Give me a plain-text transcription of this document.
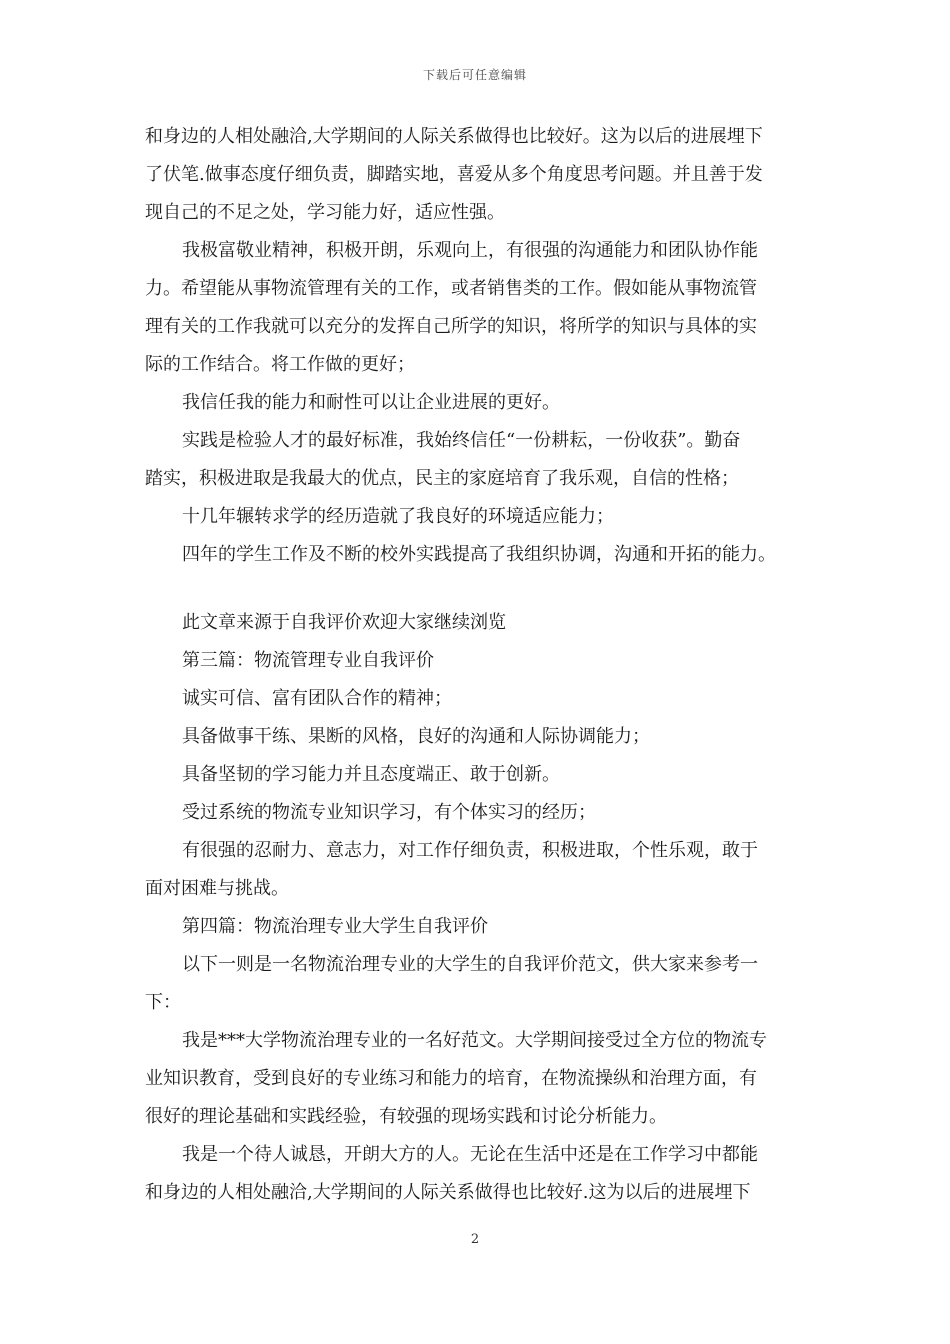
下载后可任意编辑
和身边的人相处融洽,大学期间的人际关系做得也比较好。这为以后的进展埋下
了伏笔.做事态度仔细负责，脚踏实地，喜爱从多个角度思考问题。并且善于发
现自己的不足之处，学习能力好，适应性强。
我极富敬业精神，积极开朗，乐观向上，有很强的沟通能力和团队协作能
力。希望能从事物流管理有关的工作，或者销售类的工作。假如能从事物流管
理有关的工作我就可以充分的发挥自己所学的知识，将所学的知识与具体的实
际的工作结合。将工作做的更好；
我信任我的能力和耐性可以让企业进展的更好。
实践是检验人才的最好标准，我始终信任“一份耕耘，一份收获”。勤奋
踏实，积极进取是我最大的优点，民主的家庭培育了我乐观，自信的性格；
十几年辗转求学的经历造就了我良好的环境适应能力；
四年的学生工作及不断的校外实践提高了我组织协调，沟通和开拓的能力。
此文章来源于自我评价欢迎大家继续浏览
第三篇：物流管理专业自我评价
诚实可信、富有团队合作的精神；
具备做事干练、果断的风格，良好的沟通和人际协调能力；
具备坚韧的学习能力并且态度端正、敢于创新。
受过系统的物流专业知识学习，有个体实习的经历；
有很强的忍耐力、意志力，对工作仔细负责，积极进取，个性乐观，敢于
面对困难与挑战。
第四篇：物流治理专业大学生自我评价
以下一则是一名物流治理专业的大学生的自我评价范文，供大家来参考一
下：
我是***大学物流治理专业的一名好范文。大学期间接受过全方位的物流专
业知识教育，受到良好的专业练习和能力的培育，在物流操纵和治理方面，有
很好的理论基础和实践经验，有较强的现场实践和讨论分析能力。
我是一个待人诚恳，开朗大方的人。无论在生活中还是在工作学习中都能
和身边的人相处融洽,大学期间的人际关系做得也比较好.这为以后的进展埋下
2
